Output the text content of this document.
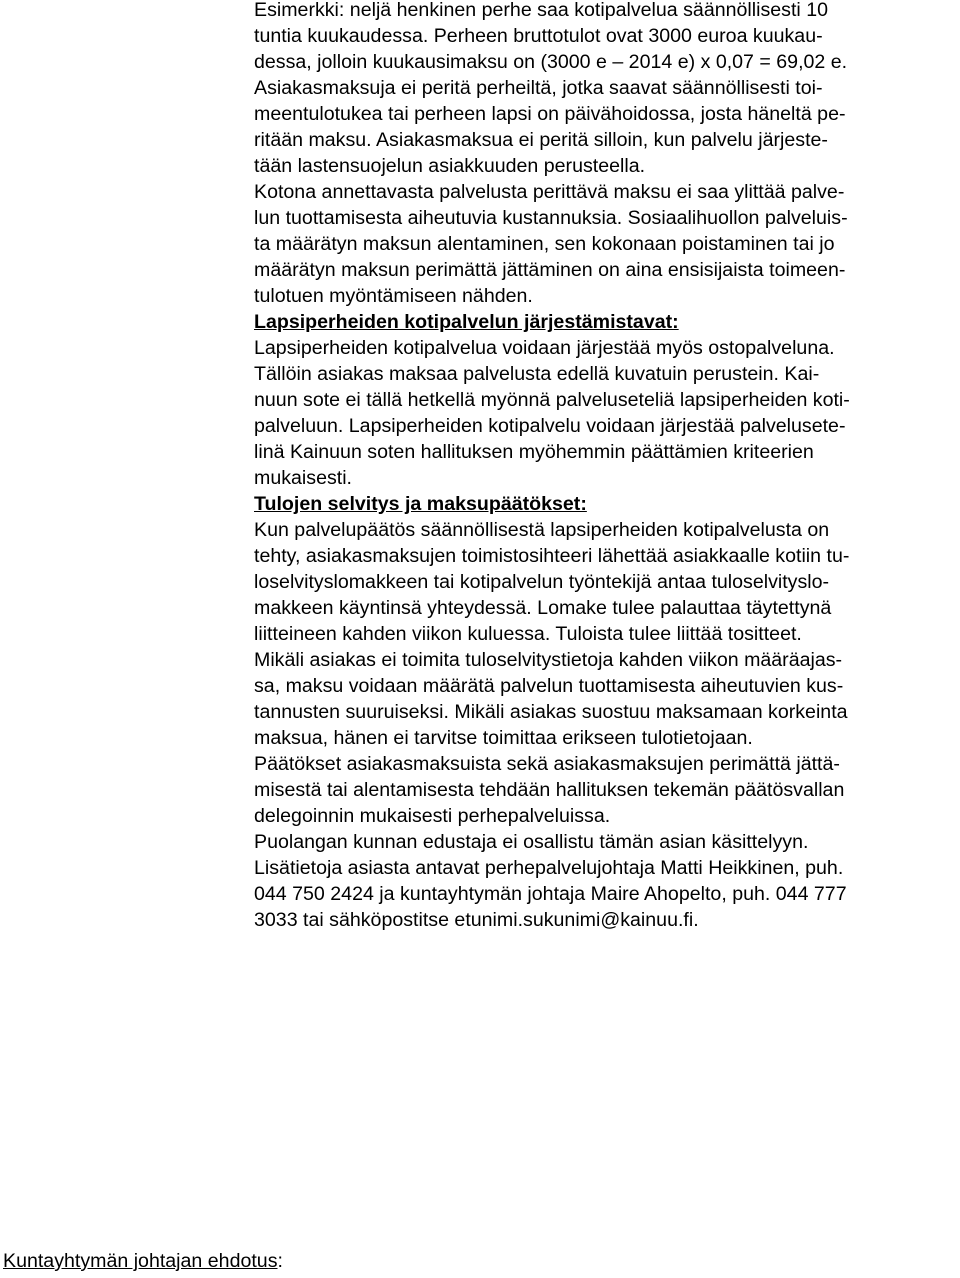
Esimerkki: neljä henkinen perhe saa kotipalvelua säännöllisesti 10
tuntia kuukaudessa. Perheen bruttotulot ovat 3000 euroa kuukau-
dessa, jolloin kuukausimaksu on (3000 e – 2014 e) x 0,07 = 69,02 e.

Asiakasmaksuja ei peritä perheiltä, jotka saavat säännöllisesti toi-
meentulotukea tai perheen lapsi on päivähoidossa, josta häneltä pe-
ritään maksu. Asiakasmaksua ei peritä silloin, kun palvelu järjeste-
tään lastensuojelun asiakkuuden perusteella.

Kotona annettavasta palvelusta perittävä maksu ei saa ylittää palve-
lun tuottamisesta aiheutuvia kustannuksia. Sosiaalihuollon palveluis-
ta määrätyn maksun alentaminen, sen kokonaan poistaminen tai jo
määrätyn maksun perimättä jättäminen on aina ensisijaista toimeen-
tulotuen myöntämiseen nähden.

Lapsiperheiden kotipalvelun järjestämistavat:

Lapsiperheiden kotipalvelua voidaan järjestää myös ostopalveluna.
Tällöin asiakas maksaa palvelusta edellä kuvatuin perustein. Kai-
nuun sote ei tällä hetkellä myönnä palveluseteliä lapsiperheiden koti-
palveluun. Lapsiperheiden kotipalvelu voidaan järjestää palvelusete-
linä Kainuun soten hallituksen myöhemmin päättämien kriteerien
mukaisesti.

Tulojen selvitys ja maksupäätökset:

Kun palvelupäätös säännöllisestä lapsiperheiden kotipalvelusta on
tehty, asiakasmaksujen toimistosihteeri lähettää asiakkaalle kotiin tu-
loselvityslomakkeen tai kotipalvelun työntekijä antaa tuloselvityslo-
makkeen käyntinsä yhteydessä. Lomake tulee palauttaa täytettynä
liitteineen kahden viikon kuluessa. Tuloista tulee liittää tositteet.

Mikäli asiakas ei toimita tuloselvitystietoja kahden viikon määräajas-
sa, maksu voidaan määrätä palvelun tuottamisesta aiheutuvien kus-
tannusten suuruiseksi. Mikäli asiakas suostuu maksamaan korkeinta
maksua, hänen ei tarvitse toimittaa erikseen tulotietojaan.

Päätökset asiakasmaksuista sekä asiakasmaksujen perimättä jättä-
misestä tai alentamisesta tehdään hallituksen tekemän päätösvallan
delegoinnin mukaisesti perhepalveluissa.

Puolangan kunnan edustaja ei osallistu tämän asian käsittelyyn.

Lisätietoja asiasta antavat perhepalvelujohtaja Matti Heikkinen, puh.
044 750 2424 ja kuntayhtymän johtaja Maire Ahopelto, puh. 044 777
3033 tai sähköpostitse etunimi.sukunimi@kainuu.fi.

Kuntayhtymän johtajan ehdotus:
